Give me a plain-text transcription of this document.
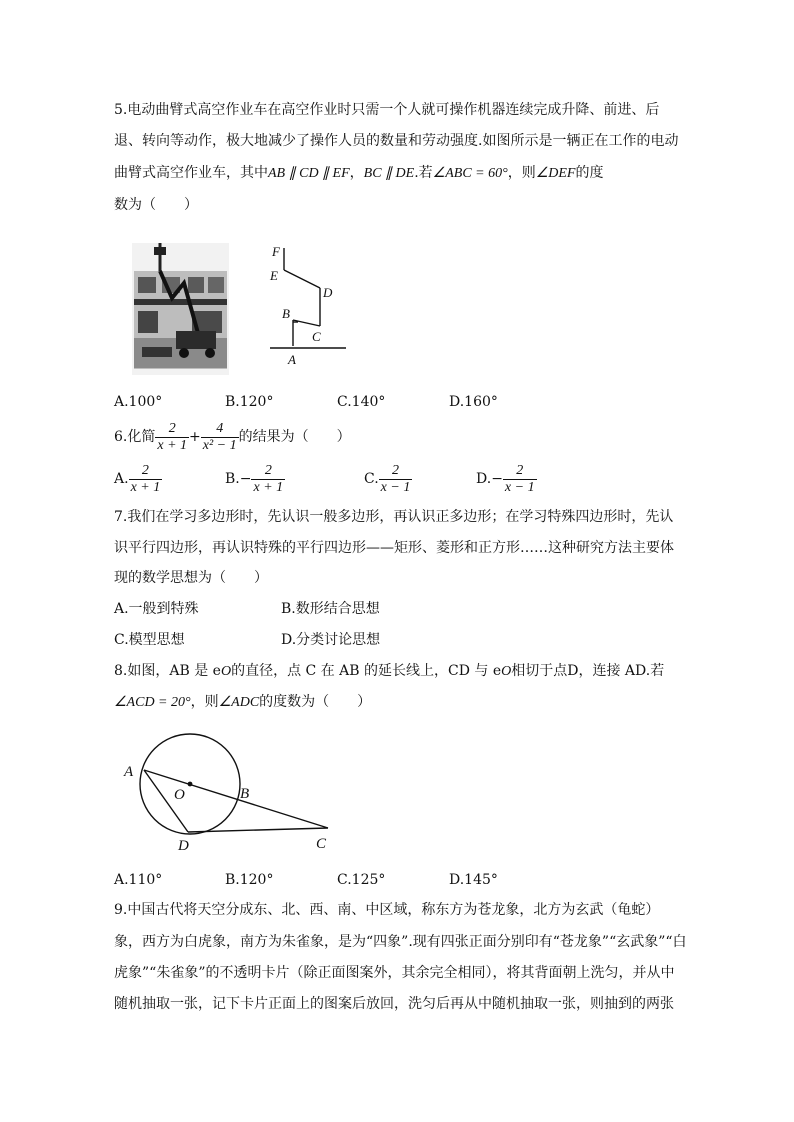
5.电动曲臂式高空作业车在高空作业时只需一个人就可操作机器连续完成升降、前进、后
退、转向等动作，极大地减少了操作人员的数量和劳动强度.如图所示是一辆正在工作的电动
曲臂式高空作业车，其中AB ∥ CD ∥ EF，BC ∥ DE.若∠ABC = 60°，则∠DEF的度
数为（　　）
F
E
D
B
C
A
A.100°	B.120°	C.140°	D.160°
6.化简 $\frac{2}{x + 1} + \frac{4}{\text{x² − 1}}$ 的结果为（　　）
A. $\frac{2}{x + 1}$	$B.- \frac{2}{x + 1}$	C. $\frac{2}{x - 1}$	$D.- \frac{2}{x - 1}$
7.我们在学习多边形时，先认识一般多边形，再认识正多边形；在学习特殊四边形时，先认
识平行四边形，再认识特殊的平行四边形——矩形、菱形和正方形……这种研究方法主要体
现的数学思想为（　　）
A.一般到特殊	B.数形结合思想
C.模型思想	D.分类讨论思想
8.如图，AB 是 eO的直径，点 C 在 AB 的延长线上，CD 与 eO相切于点D，连接 AD.若
∠ACD = 20°，则∠ADC的度数为（　　）
A
O	B
D	C
A.110°	B.120°	C.125°	D.145°
9.中国古代将天空分成东、北、西、南、中区域，称东方为苍龙象，北方为玄武（龟蛇）
象，西方为白虎象，南方为朱雀象，是为“四象”.现有四张正面分别印有“苍龙象”“玄武象”“白
虎象”“朱雀象”的不透明卡片（除正面图案外，其余完全相同），将其背面朝上洗匀，并从中
随机抽取一张，记下卡片正面上的图案后放回，洗匀后再从中随机抽取一张，则抽到的两张
